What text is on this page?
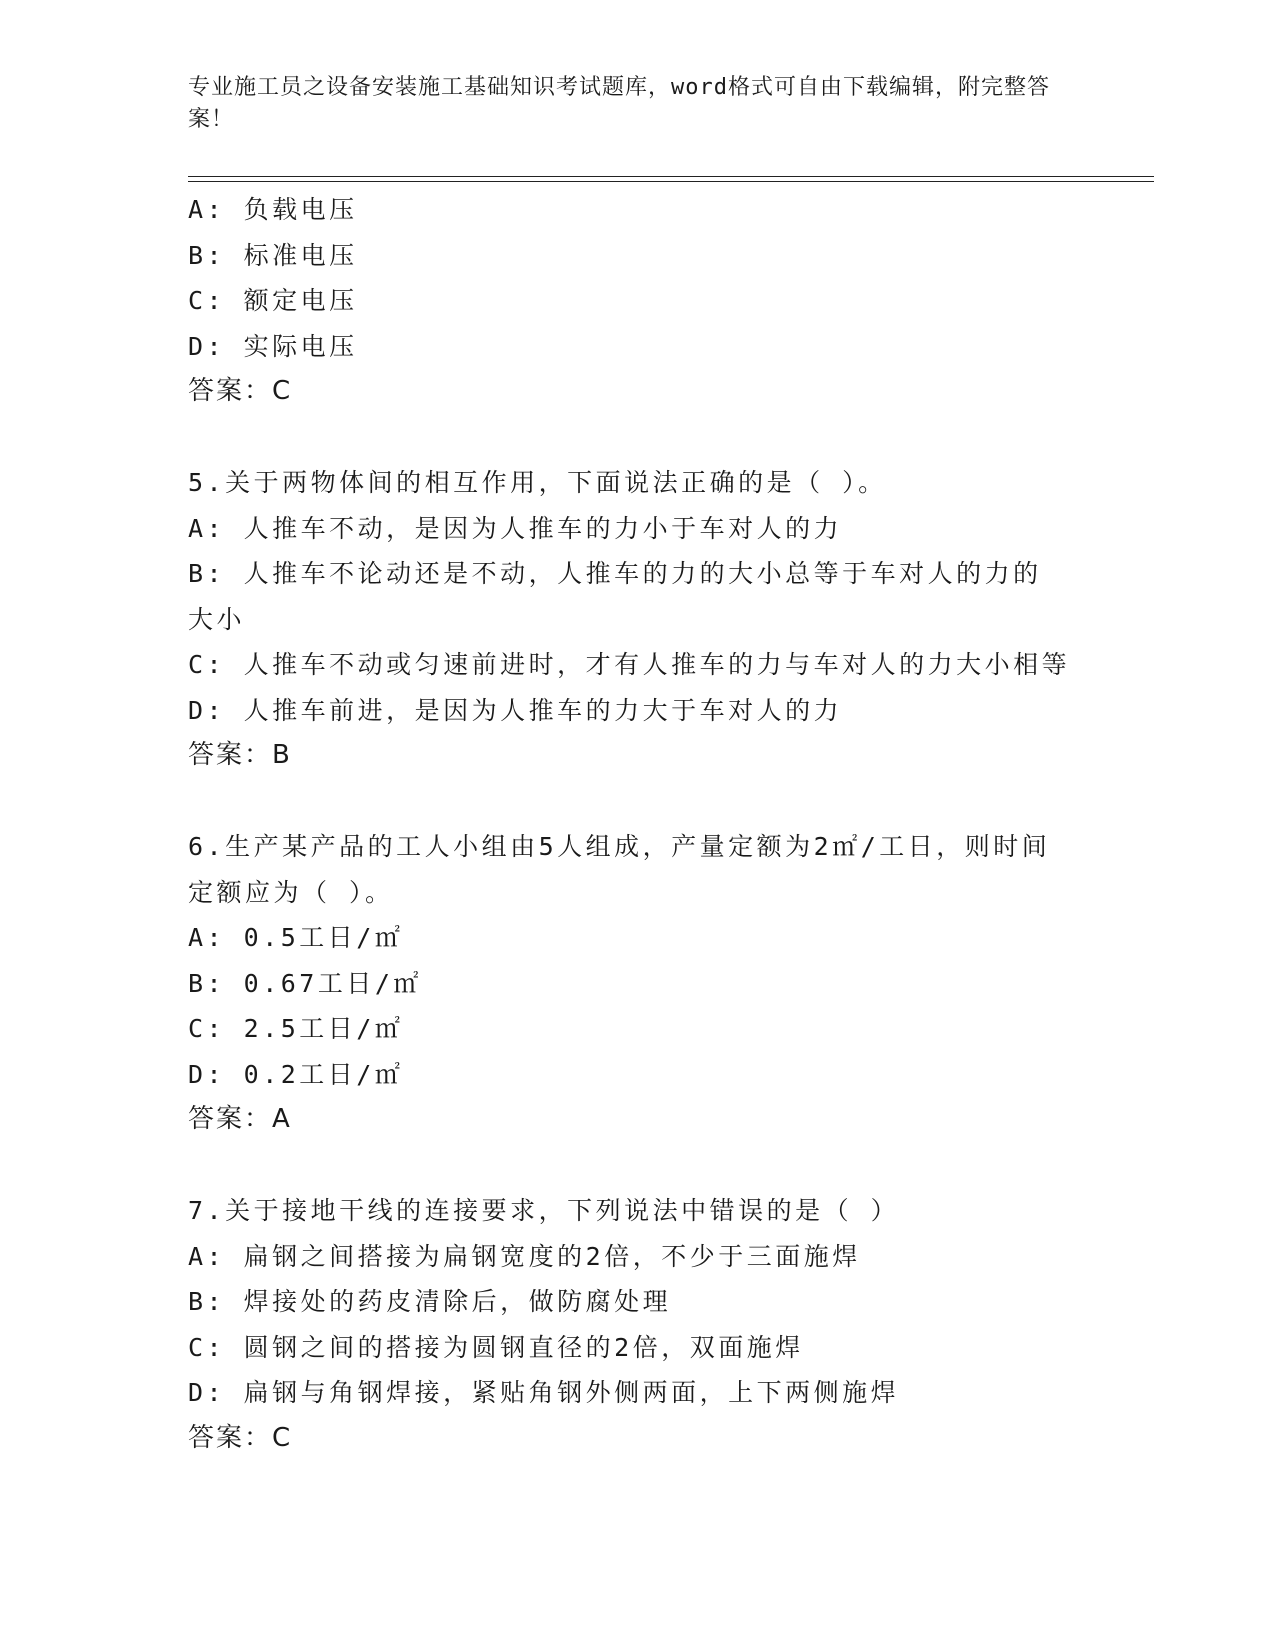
专业施工员之设备安装施工基础知识考试题库，word格式可自由下载编辑，附完整答案！
A: 负载电压
B: 标准电压
C: 额定电压
D: 实际电压
答案：C
5.关于两物体间的相互作用，下面说法正确的是（ ）。
A: 人推车不动，是因为人推车的力小于车对人的力
B: 人推车不论动还是不动，人推车的力的大小总等于车对人的力的大小
C: 人推车不动或匀速前进时，才有人推车的力与车对人的力大小相等
D: 人推车前进，是因为人推车的力大于车对人的力
答案：B
6.生产某产品的工人小组由5人组成，产量定额为2㎡/工日，则时间定额应为（ ）。
A: 0.5工日/㎡
B: 0.67工日/㎡
C: 2.5工日/㎡
D: 0.2工日/㎡
答案：A
7.关于接地干线的连接要求，下列说法中错误的是（ ）
A: 扁钢之间搭接为扁钢宽度的2倍，不少于三面施焊
B: 焊接处的药皮清除后，做防腐处理
C: 圆钢之间的搭接为圆钢直径的2倍，双面施焊
D: 扁钢与角钢焊接，紧贴角钢外侧两面，上下两侧施焊
答案：C
